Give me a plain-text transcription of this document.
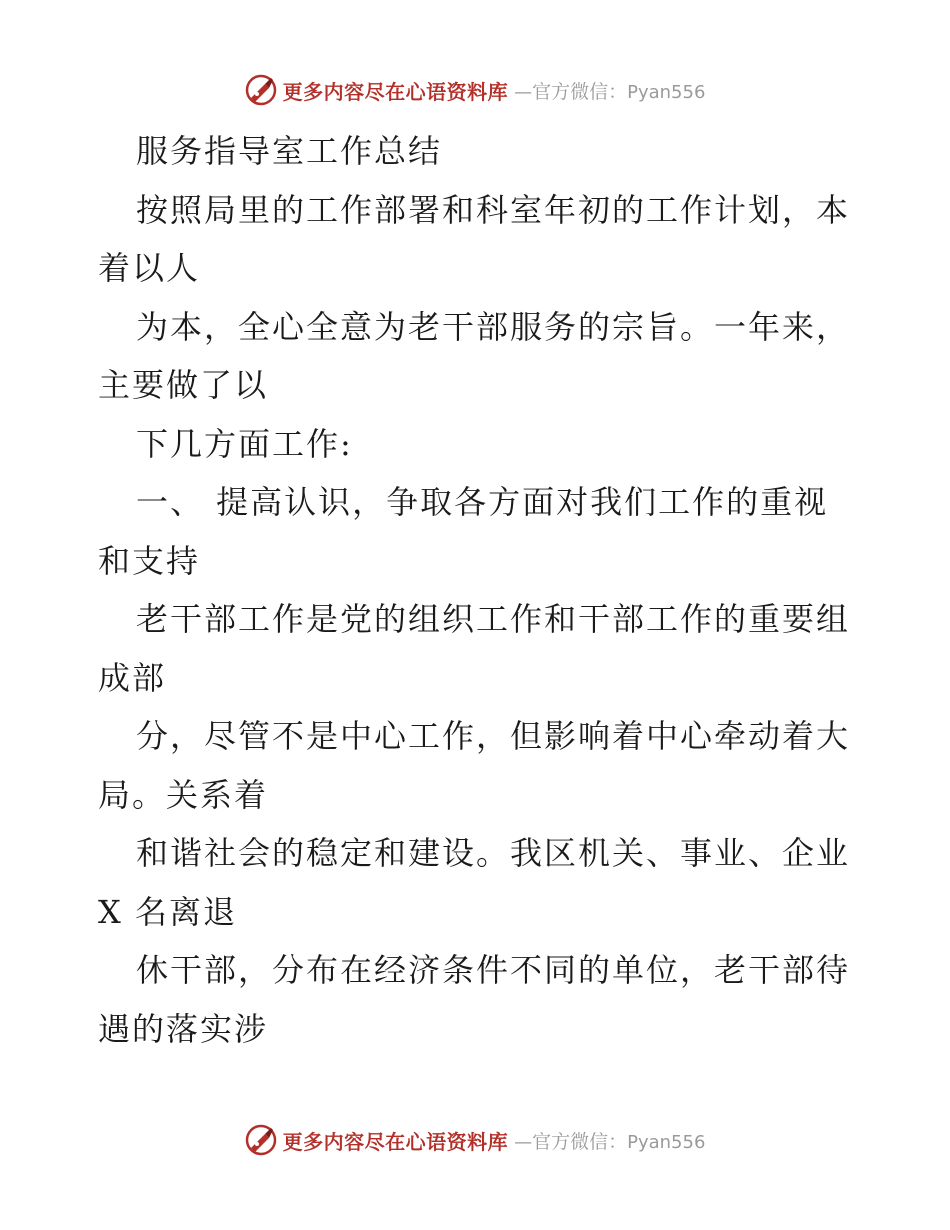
更多内容尽在心语资料库 —官方微信：Pyan556
服务指导室工作总结
按照局里的工作部署和科室年初的工作计划，本
着以人
为本，全心全意为老干部服务的宗旨。一年来，
主要做了以
下几方面工作:
一、 提高认识，争取各方面对我们工作的重视
和支持
老干部工作是党的组织工作和干部工作的重要组
成部
分，尽管不是中心工作，但影响着中心牵动着大
局。关系着
和谐社会的稳定和建设。我区机关、事业、企业
X 名离退
休干部，分布在经济条件不同的单位，老干部待
遇的落实涉
更多内容尽在心语资料库 —官方微信：Pyan556
